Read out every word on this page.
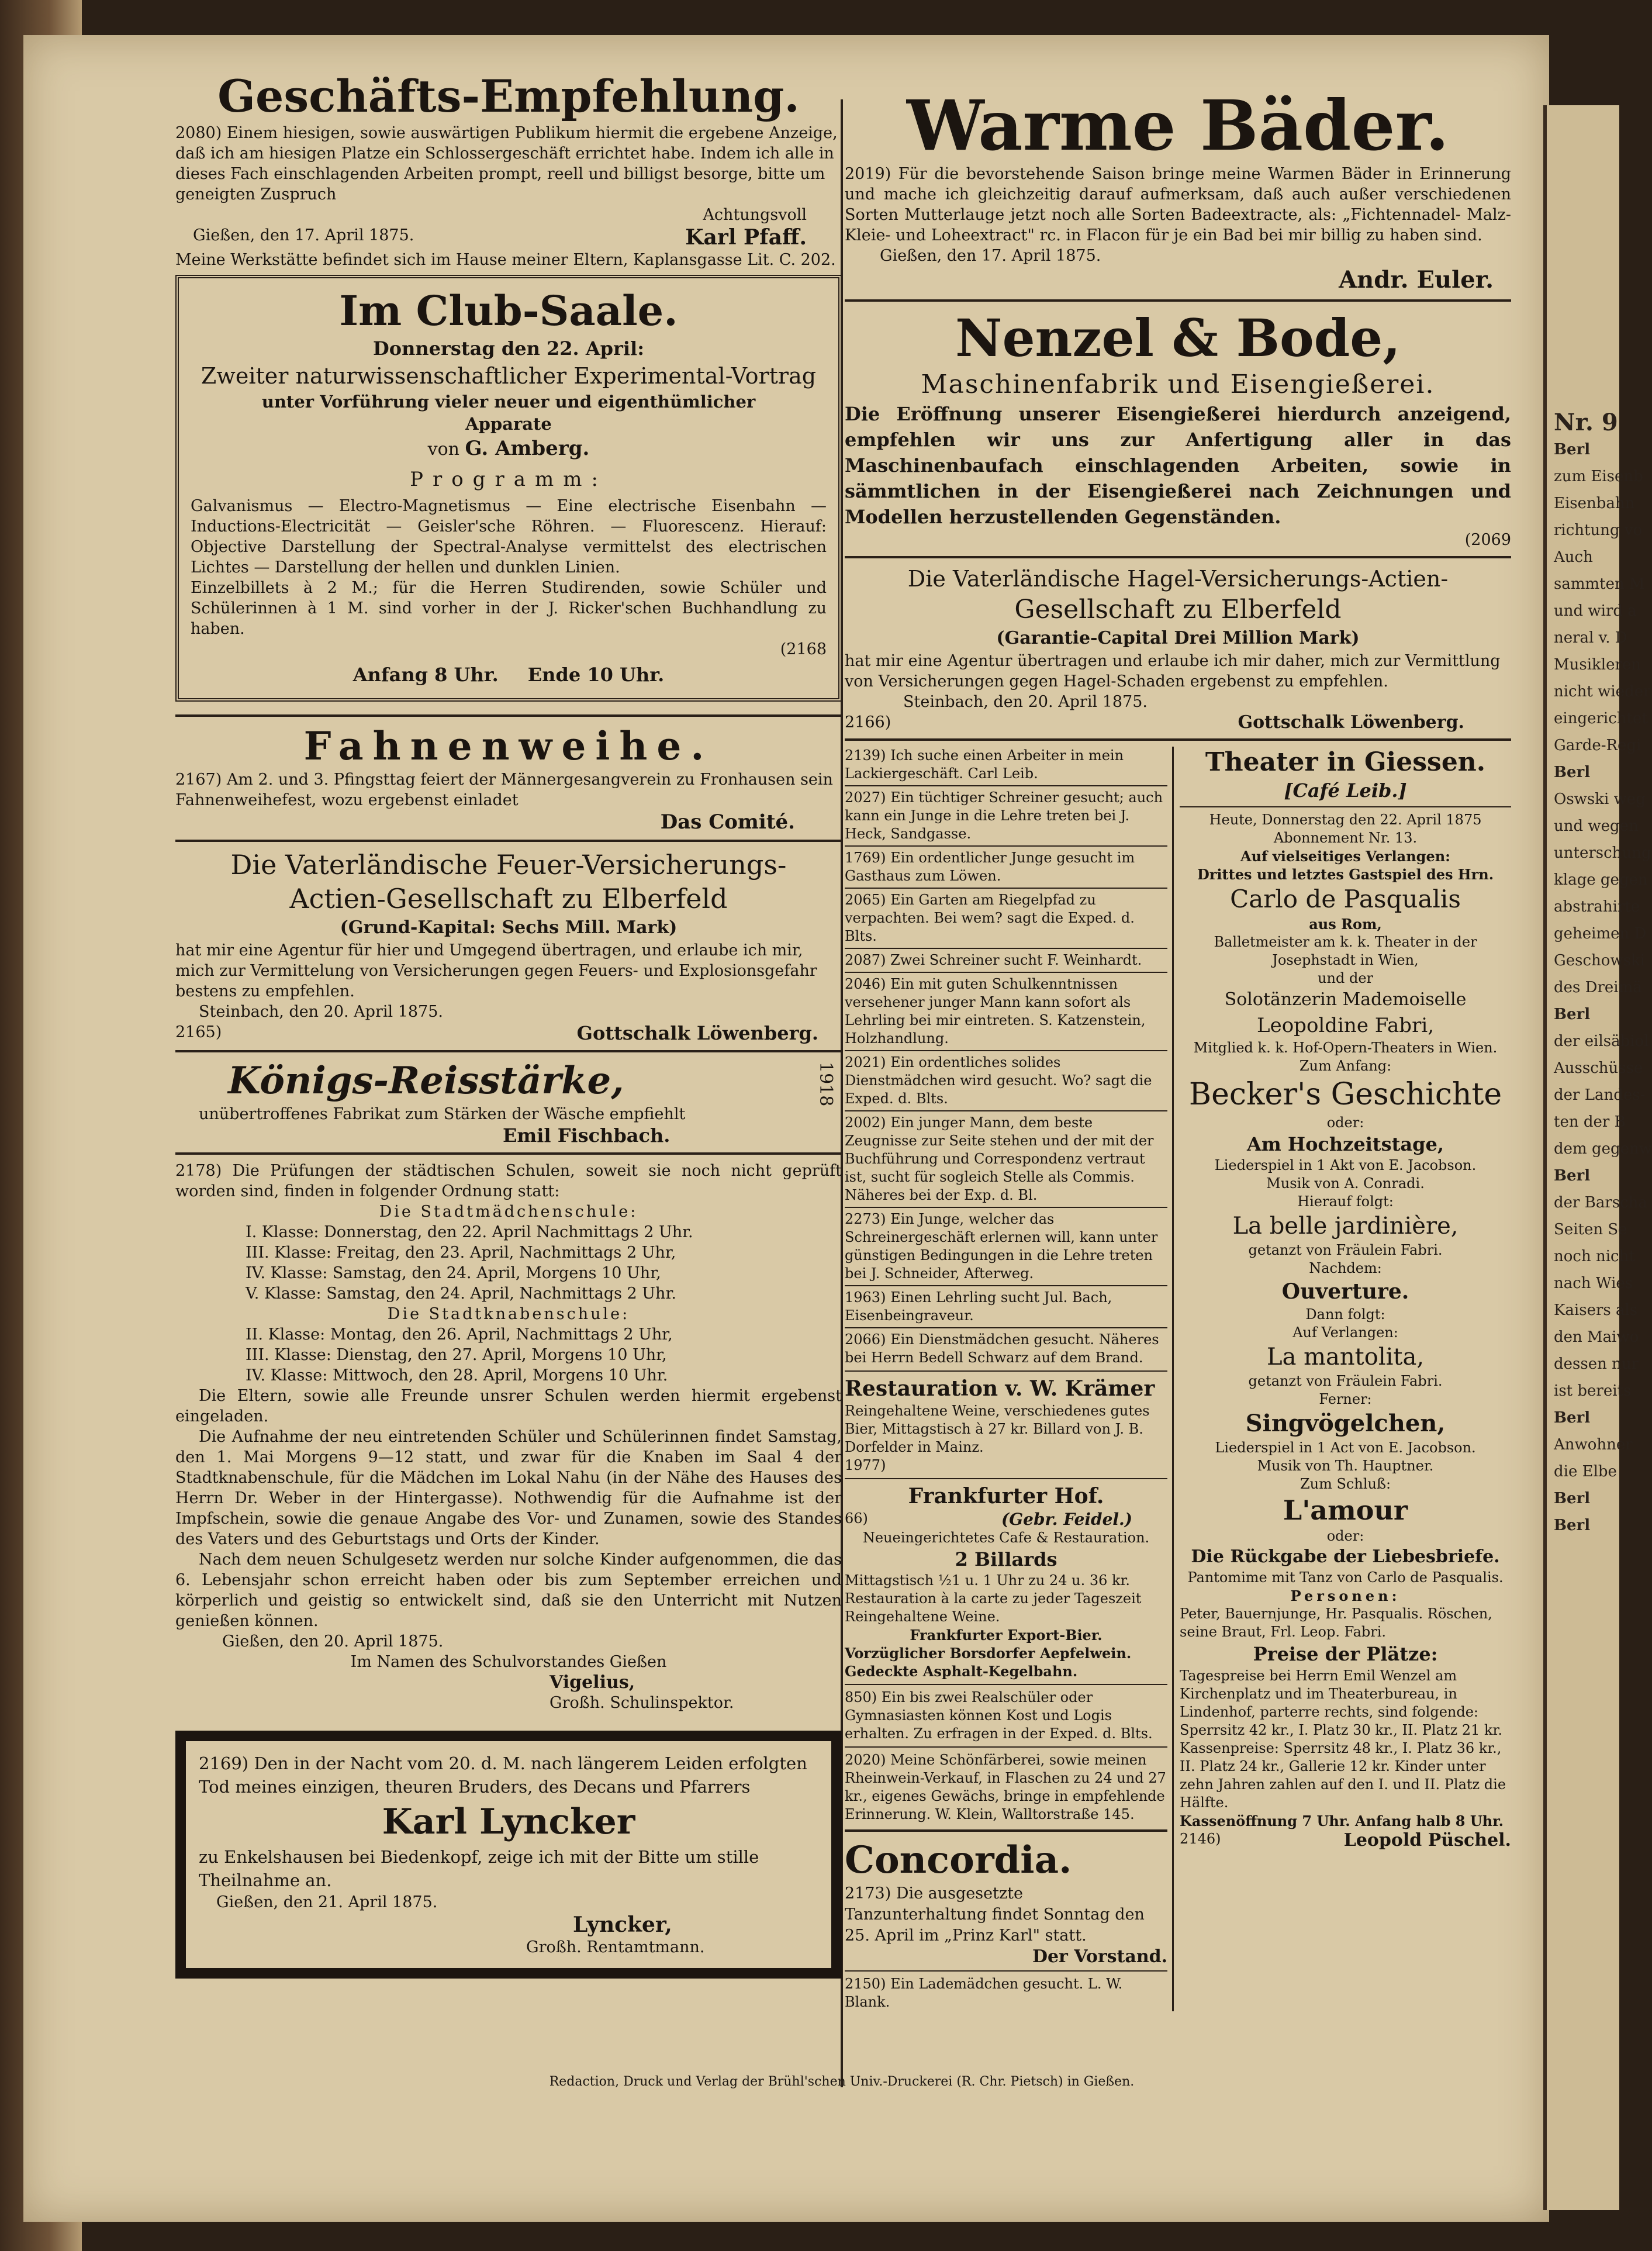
Nr. 9
Berl
zum Eisenb
Eisenbahn
richtung vo
Auch
sammten M
und wird a
neral v. D
Musikleren
nicht wieder
eingerichtet
Garde-Regi
Berl
Oswski weg
und wegen
unterschung
klage gegen
abstrahirte
geheimen D
Geschowski
des Dreimä
Berl
der eilsäbiol
Ausschüsse
der Landes-
ten der B
dem gegenw
Berl
der Barscha
Seiten Se
noch nicht
nach Wies
Kaisers als
den Maiwo
dessen nur
ist bereits
Berl
Anwohner
die Elbe
Berl
Berl
Geschäfts-Empfehlung.

2080) Einem hiesigen, sowie auswärtigen Publikum hiermit die ergebene Anzeige, daß ich am hiesigen Platze ein Schlossergeschäft errichtet habe. Indem ich alle in dieses Fach einschlagenden Arbeiten prompt, reell und billigst besorge, bitte um geneigten Zuspruch

Achtungsvoll
Gießen, den 17. April 1875.	Karl Pfaff.

Meine Werkstätte befindet sich im Hause meiner Eltern, Kaplansgasse Lit. C. 202.

Im Club-Saale.
Donnerstag den 22. April:
Zweiter naturwissenschaftlicher Experimental-Vortrag
unter Vorführung vieler neuer und eigenthümlicher Apparate
von G. Amberg.
Programm:

Galvanismus — Electro-Magnetismus — Eine electrische Eisenbahn — Inductions-Electricität — Geisler'sche Röhren. — Fluorescenz. Hierauf: Objective Darstellung der Spectral-Analyse vermittelst des electrischen Lichtes — Darstellung der hellen und dunklen Linien.

Einzelbillets à 2 M.; für die Herren Studirenden, sowie Schüler und Schülerinnen à 1 M. sind vorher in der J. Ricker'schen Buchhandlung zu haben.

(2168
Anfang 8 Uhr. Ende 10 Uhr.
Fahnenweihe.

2167) Am 2. und 3. Pfingsttag feiert der Männergesangverein zu Fronhausen sein Fahnenweihefest, wozu ergebenst einladet

Das Comité.
Die Vaterländische Feuer-Versicherungs-
Actien-Gesellschaft zu Elberfeld
(Grund-Kapital: Sechs Mill. Mark)

hat mir eine Agentur für hier und Umgegend übertragen, und erlaube ich mir, mich zur Vermittelung von Versicherungen gegen Feuers- und Explosionsgefahr bestens zu empfehlen.

Steinbach, den 20. April 1875.
2165)	Gottschalk Löwenberg.
Königs-Reisstärke,	1918
unübertroffenes Fabrikat zum Stärken der Wäsche empfiehlt
Emil Fischbach.

2178) Die Prüfungen der städtischen Schulen, soweit sie noch nicht geprüft worden sind, finden in folgender Ordnung statt:

Die Stadtmädchenschule:
I. Klasse: Donnerstag, den 22. April Nachmittags 2 Uhr.
III. Klasse: Freitag, den 23. April, Nachmittags 2 Uhr,
IV. Klasse: Samstag, den 24. April, Morgens 10 Uhr,
V. Klasse: Samstag, den 24. April, Nachmittags 2 Uhr.
Die Stadtknabenschule:
II. Klasse: Montag, den 26. April, Nachmittags 2 Uhr,
III. Klasse: Dienstag, den 27. April, Morgens 10 Uhr,
IV. Klasse: Mittwoch, den 28. April, Morgens 10 Uhr.

Die Eltern, sowie alle Freunde unsrer Schulen werden hiermit ergebenst eingeladen.

Die Aufnahme der neu eintretenden Schüler und Schülerinnen findet Samstag, den 1. Mai Morgens 9—12 statt, und zwar für die Knaben im Saal 4 der Stadtknabenschule, für die Mädchen im Lokal Nahu (in der Nähe des Hauses des Herrn Dr. Weber in der Hintergasse). Nothwendig für die Aufnahme ist der Impfschein, sowie die genaue Angabe des Vor- und Zunamen, sowie des Standes des Vaters und des Geburtstags und Orts der Kinder.

Nach dem neuen Schulgesetz werden nur solche Kinder aufgenommen, die das 6. Lebensjahr schon erreicht haben oder bis zum September erreichen und körperlich und geistig so entwickelt sind, daß sie den Unterricht mit Nutzen genießen können.

Gießen, den 20. April 1875.
Im Namen des Schulvorstandes Gießen
Vigelius,
Großh. Schulinspektor.

2169) Den in der Nacht vom 20. d. M. nach längerem Leiden erfolgten Tod meines einzigen, theuren Bruders, des Decans und Pfarrers

Karl Lyncker

zu Enkelshausen bei Biedenkopf, zeige ich mit der Bitte um stille Theilnahme an.

Gießen, den 21. April 1875.
Lyncker,
Großh. Rentamtmann.
Warme Bäder.

2019) Für die bevorstehende Saison bringe meine Warmen Bäder in Erinnerung und mache ich gleichzeitig darauf aufmerksam, daß auch außer verschiedenen Sorten Mutterlauge jetzt noch alle Sorten Badeextracte, als: „Fichtennadel- Malz- Kleie- und Loheextract" rc. in Flacon für je ein Bad bei mir billig zu haben sind.

Gießen, den 17. April 1875.
Andr. Euler.
Nenzel & Bode,
Maschinenfabrik und Eisengießerei.

Die Eröffnung unserer Eisengießerei hierdurch anzeigend, empfehlen wir uns zur Anfertigung aller in das Maschinenbaufach einschlagenden Arbeiten, sowie in sämmtlichen in der Eisengießerei nach Zeichnungen und Modellen herzustellenden Gegenständen.

(2069
Die Vaterländische Hagel-Versicherungs-Actien-
Gesellschaft zu Elberfeld
(Garantie-Capital Drei Million Mark)

hat mir eine Agentur übertragen und erlaube ich mir daher, mich zur Vermittlung von Versicherungen gegen Hagel-Schaden ergebenst zu empfehlen.

Steinbach, den 20. April 1875.
2166)	Gottschalk Löwenberg.

2139) Ich suche einen Arbeiter in mein Lackiergeschäft. Carl Leib.

2027) Ein tüchtiger Schreiner gesucht; auch kann ein Junge in die Lehre treten bei J. Heck, Sandgasse.

1769) Ein ordentlicher Junge gesucht im Gasthaus zum Löwen.

2065) Ein Garten am Riegelpfad zu verpachten. Bei wem? sagt die Exped. d. Blts.

2087) Zwei Schreiner sucht F. Weinhardt.

2046) Ein mit guten Schulkenntnissen versehener junger Mann kann sofort als Lehrling bei mir eintreten. S. Katzenstein, Holzhandlung.

2021) Ein ordentliches solides Dienstmädchen wird gesucht. Wo? sagt die Exped. d. Blts.

2002) Ein junger Mann, dem beste Zeugnisse zur Seite stehen und der mit der Buchführung und Correspondenz vertraut ist, sucht für sogleich Stelle als Commis. Näheres bei der Exp. d. Bl.

2273) Ein Junge, welcher das Schreinergeschäft erlernen will, kann unter günstigen Bedingungen in die Lehre treten bei J. Schneider, Afterweg.

1963) Einen Lehrling sucht Jul. Bach, Eisenbeingraveur.

2066) Ein Dienstmädchen gesucht. Näheres bei Herrn Bedell Schwarz auf dem Brand.

Restauration v. W. Krämer

Reingehaltene Weine, verschiedenes gutes Bier, Mittagstisch à 27 kr. Billard von J. B. Dorfelder in Mainz.

1977)

Frankfurter Hof.
66)	(Gebr. Feidel.)
Neueingerichtetes Cafe & Restauration.
2 Billards

Mittagstisch ½1 u. 1 Uhr zu 24 u. 36 kr. Restauration à la carte zu jeder Tageszeit Reingehaltene Weine.

Frankfurter Export-Bier.
Vorzüglicher Borsdorfer Aepfelwein.
Gedeckte Asphalt-Kegelbahn.

850) Ein bis zwei Realschüler oder Gymnasiasten können Kost und Logis erhalten. Zu erfragen in der Exped. d. Blts.

2020) Meine Schönfärberei, sowie meinen Rheinwein-Verkauf, in Flaschen zu 24 und 27 kr., eigenes Gewächs, bringe in empfehlende Erinnerung. W. Klein, Walltorstraße 145.

Concordia.

2173) Die ausgesetzte Tanzunterhaltung findet Sonntag den 25. April im „Prinz Karl" statt.

Der Vorstand.

2150) Ein Lademädchen gesucht. L. W. Blank.

Theater in Giessen.
[Café Leib.]
Heute, Donnerstag den 22. April 1875
Abonnement Nr. 13.
Auf vielseitiges Verlangen:
Drittes und letztes Gastspiel des Hrn.
Carlo de Pasqualis
aus Rom,
Balletmeister am k. k. Theater in der Josephstadt in Wien,
und der
Solotänzerin Mademoiselle
Leopoldine Fabri,
Mitglied k. k. Hof-Opern-Theaters in Wien.
Zum Anfang:
Becker's Geschichte
oder:
Am Hochzeitstage,
Liederspiel in 1 Akt von E. Jacobson.
Musik von A. Conradi.
Hierauf folgt:
La belle jardinière,
getanzt von Fräulein Fabri.
Nachdem:
Ouverture.
Dann folgt:
Auf Verlangen:
La mantolita,
getanzt von Fräulein Fabri.
Ferner:
Singvögelchen,
Liederspiel in 1 Act von E. Jacobson.
Musik von Th. Hauptner.
Zum Schluß:
L'amour
oder:
Die Rückgabe der Liebesbriefe.
Pantomime mit Tanz von Carlo de Pasqualis.
Personen:

Peter, Bauernjunge, Hr. Pasqualis. Röschen, seine Braut, Frl. Leop. Fabri.

Preise der Plätze:

Tagespreise bei Herrn Emil Wenzel am Kirchenplatz und im Theaterbureau, in Lindenhof, parterre rechts, sind folgende: Sperrsitz 42 kr., I. Platz 30 kr., II. Platz 21 kr.

Kassenpreise: Sperrsitz 48 kr., I. Platz 36 kr., II. Platz 24 kr., Gallerie 12 kr. Kinder unter zehn Jahren zahlen auf den I. und II. Platz die Hälfte.

Kassenöffnung 7 Uhr. Anfang halb 8 Uhr.
2146)	Leopold Püschel.
Redaction, Druck und Verlag der Brühl'schen Univ.-Druckerei (R. Chr. Pietsch) in Gießen.
